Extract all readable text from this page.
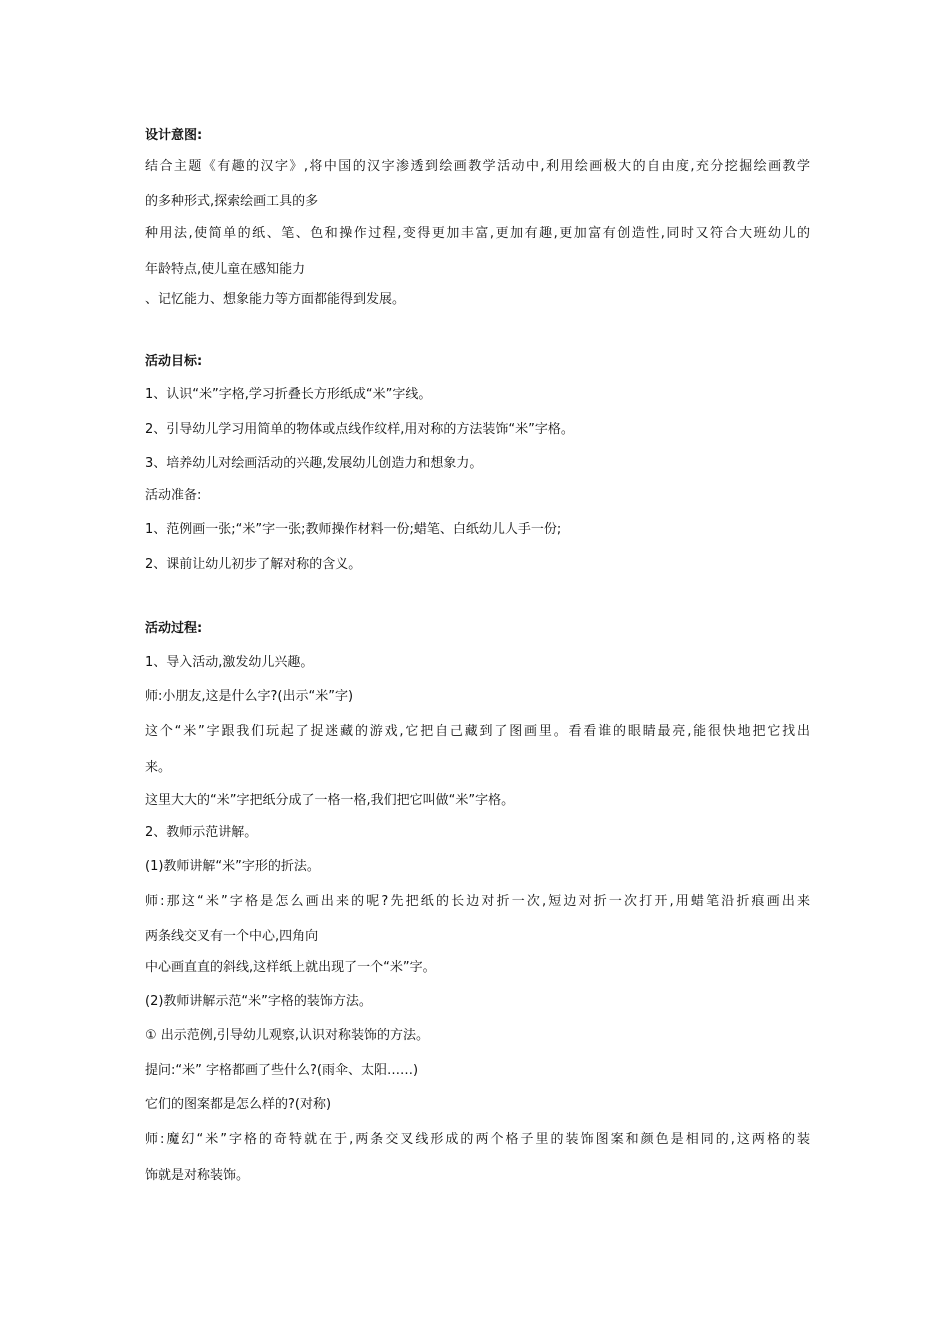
设计意图:
结合主题《有趣的汉字》,将中国的汉字渗透到绘画教学活动中,利用绘画极大的自由度,充分挖掘绘画教学
的多种形式,探索绘画工具的多
种用法,使简单的纸、笔、色和操作过程,变得更加丰富,更加有趣,更加富有创造性,同时又符合大班幼儿的
年龄特点,使儿童在感知能力
、记忆能力、想象能力等方面都能得到发展。
活动目标:
1、认识“米”字格,学习折叠长方形纸成“米”字线。
2、引导幼儿学习用简单的物体或点线作纹样,用对称的方法装饰“米”字格。
3、培养幼儿对绘画活动的兴趣,发展幼儿创造力和想象力。
活动准备:
1、范例画一张;“米”字一张;教师操作材料一份;蜡笔、白纸幼儿人手一份;
2、课前让幼儿初步了解对称的含义。
活动过程:
1、导入活动,激发幼儿兴趣。
师:小朋友,这是什么字?(出示“米”字)
这个“米”字跟我们玩起了捉迷藏的游戏,它把自己藏到了图画里。看看谁的眼睛最亮,能很快地把它找出
来。
这里大大的“米”字把纸分成了一格一格,我们把它叫做“米”字格。
2、教师示范讲解。
(1)教师讲解“米”字形的折法。
师:那这“米”字格是怎么画出来的呢?先把纸的长边对折一次,短边对折一次打开,用蜡笔沿折痕画出来
两条线交叉有一个中心,四角向
中心画直直的斜线,这样纸上就出现了一个“米”字。
(2)教师讲解示范“米”字格的装饰方法。
① 出示范例,引导幼儿观察,认识对称装饰的方法。
提问:“米” 字格都画了些什么?(雨伞、太阳……)
它们的图案都是怎么样的?(对称)
师:魔幻“米”字格的奇特就在于,两条交叉线形成的两个格子里的装饰图案和颜色是相同的,这两格的装
饰就是对称装饰。
